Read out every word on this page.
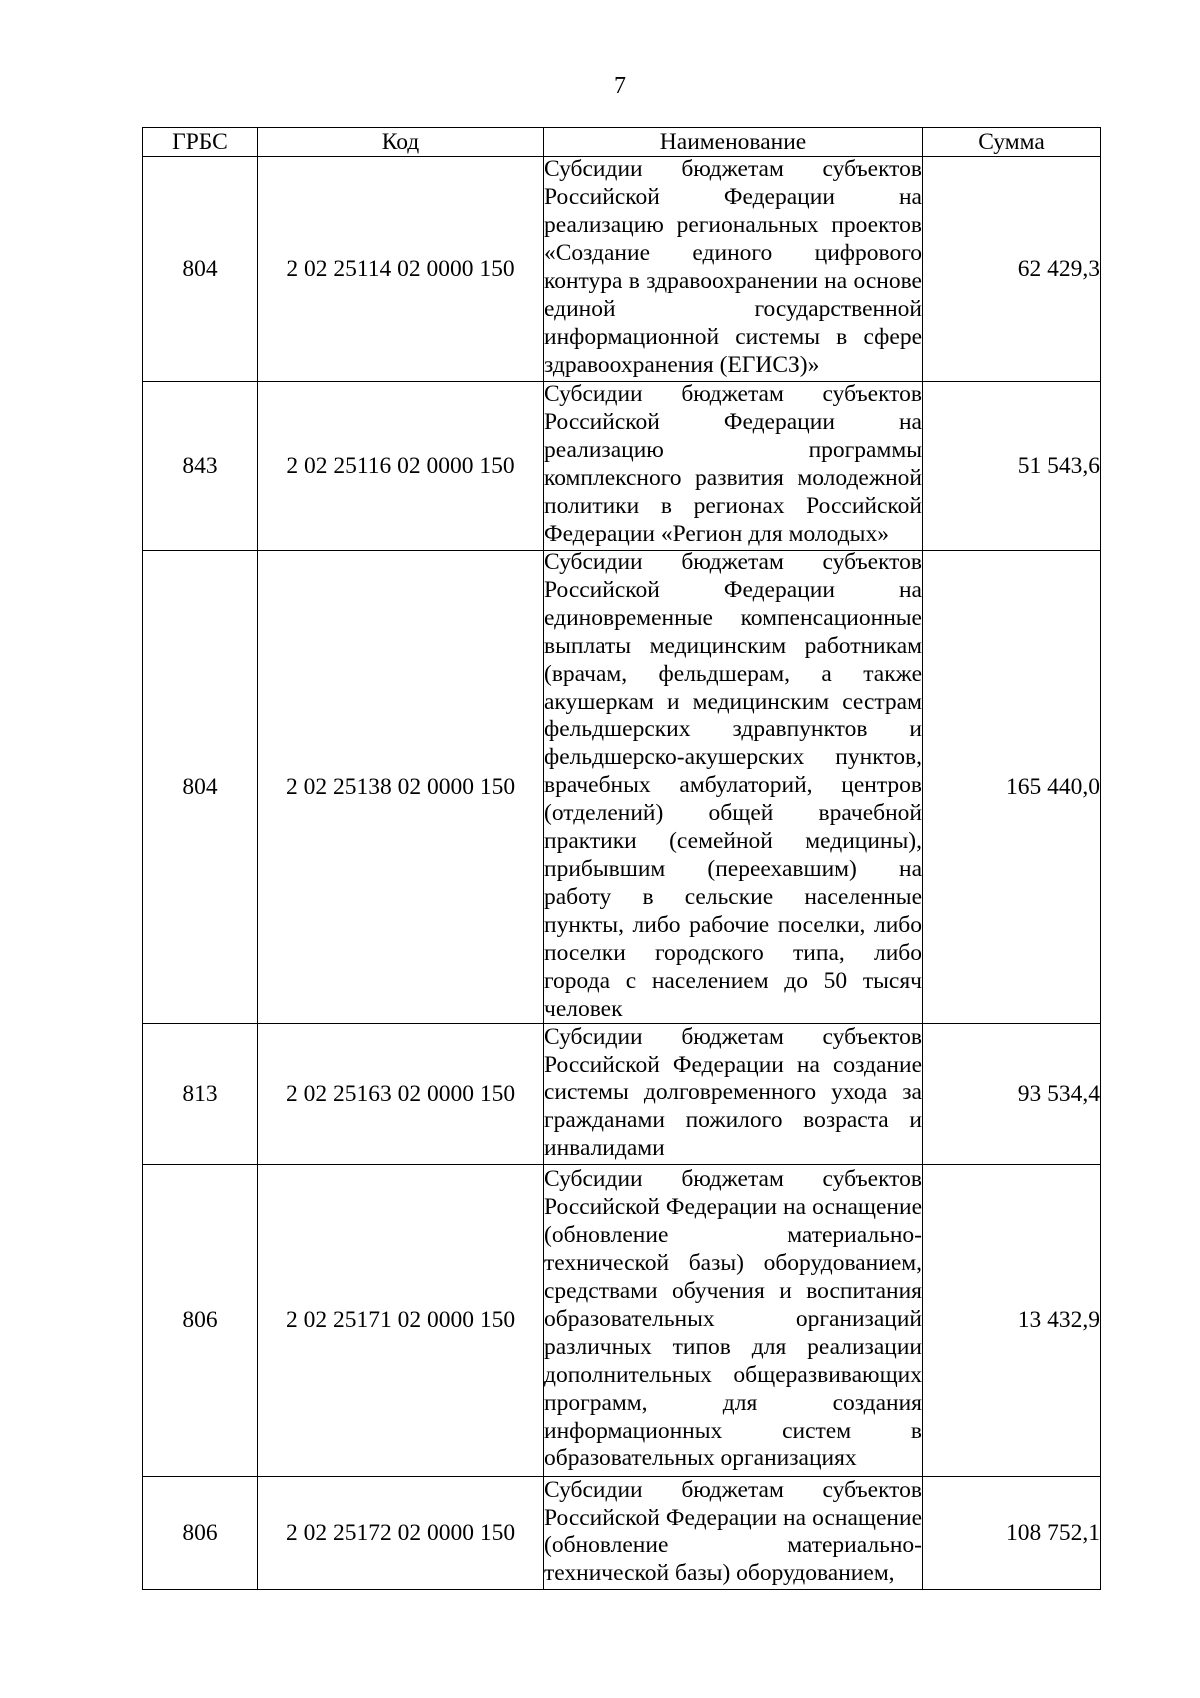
7
ГРБС	Код	Наименование	Сумма
804	2 02 25114 02 0000 150	Субсидии бюджетам субъектов Российской Федерации на реализацию региональных проектов «Создание единого цифрового контура в здравоохранении на основе единой государственной информационной системы в сфере здравоохранения (ЕГИСЗ)»	62 429,3
843	2 02 25116 02 0000 150	Субсидии бюджетам субъектов Российской Федерации на реализацию программы комплексного развития молодежной политики в регионах Российской Федерации «Регион для молодых»	51 543,6
804	2 02 25138 02 0000 150	Субсидии бюджетам субъектов Российской Федерации на единовременные компенсационные выплаты медицинским работникам (врачам, фельдшерам, а также акушеркам и медицинским сестрам фельдшерских здравпунктов и фельдшерско-акушерских пунктов, врачебных амбулаторий, центров (отделений) общей врачебной практики (семейной медицины), прибывшим (переехавшим) на работу в сельские населенные пункты, либо рабочие поселки, либо поселки городского типа, либо города с населением до 50 тысяч человек	165 440,0
813	2 02 25163 02 0000 150	Субсидии бюджетам субъектов Российской Федерации на создание системы долговременного ухода за гражданами пожилого возраста и инвалидами	93 534,4
806	2 02 25171 02 0000 150	Субсидии бюджетам субъектов Российской Федерации на оснащение (обновление материально-технической базы) оборудованием, средствами обучения и воспитания образовательных организаций различных типов для реализации дополнительных общеразвивающих программ, для создания информационных систем в образовательных организациях	13 432,9
806	2 02 25172 02 0000 150	Субсидии бюджетам субъектов Российской Федерации на оснащение (обновление материально-технической базы) оборудованием,	108 752,1
